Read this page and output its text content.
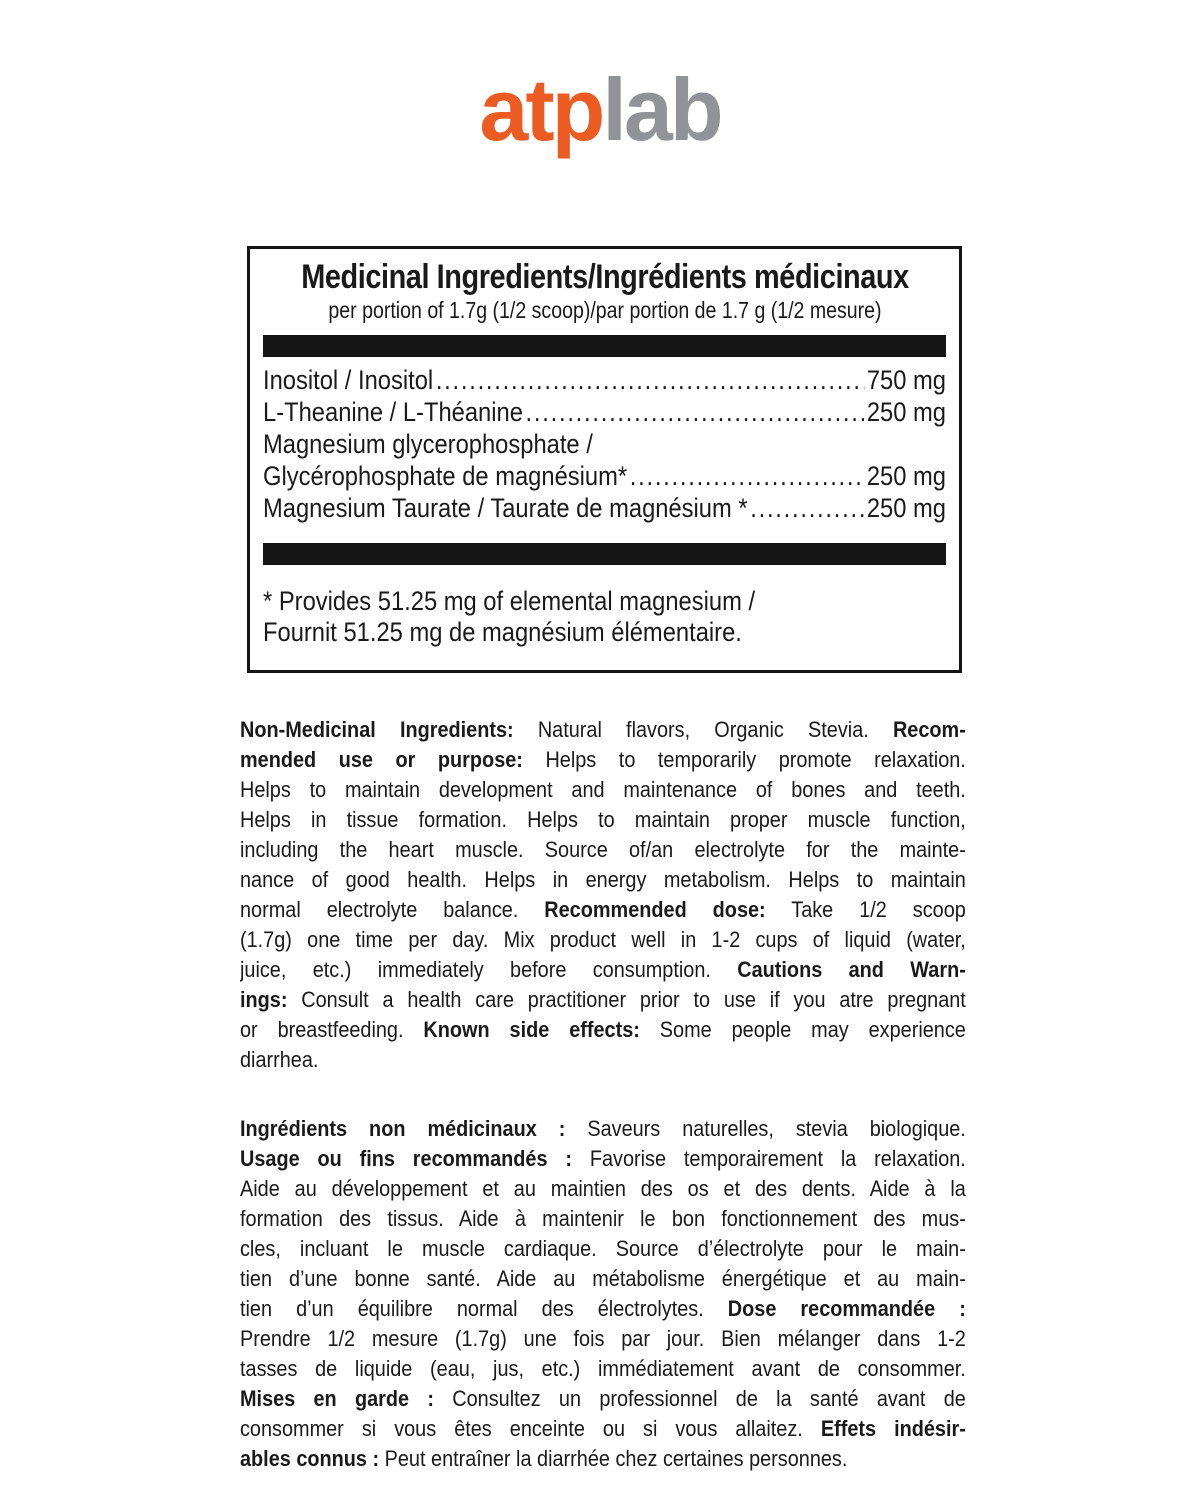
atplab
Medicinal Ingredients/Ingrédients médicinaux
per portion of 1.7g (1/2 scoop)/par portion de 1.7 g (1/2 mesure)
Inositol / Inositol .....	750 mg
L-Theanine / L-Théanine .....	250 mg
Magnesium glycerophosphate /
Glycérophosphate de magnésium* .....	250 mg
Magnesium Taurate / Taurate de magnésium * .....	250 mg
* Provides 51.25 mg of elemental magnesium /
Fournit 51.25 mg de magnésium élémentaire.
Non-Medicinal Ingredients: Natural flavors, Organic Stevia. Recom-
mended use or purpose: Helps to temporarily promote relaxation.
Helps to maintain development and maintenance of bones and teeth.
Helps in tissue formation. Helps to maintain proper muscle function,
including the heart muscle. Source of/an electrolyte for the mainte-
nance of good health. Helps in energy metabolism. Helps to maintain
normal electrolyte balance. Recommended dose: Take 1/2 scoop
(1.7g) one time per day. Mix product well in 1-2 cups of liquid (water,
juice, etc.) immediately before consumption. Cautions and Warn-
ings: Consult a health care practitioner prior to use if you atre pregnant
or breastfeeding. Known side effects: Some people may experience
diarrhea.
Ingrédients non médicinaux : Saveurs naturelles, stevia biologique.
Usage ou fins recommandés : Favorise temporairement la relaxation.
Aide au développement et au maintien des os et des dents. Aide à la
formation des tissus. Aide à maintenir le bon fonctionnement des mus-
cles, incluant le muscle cardiaque. Source d’électrolyte pour le main-
tien d’une bonne santé. Aide au métabolisme énergétique et au main-
tien d’un équilibre normal des électrolytes. Dose recommandée :
Prendre 1/2 mesure (1.7g) une fois par jour. Bien mélanger dans 1-2
tasses de liquide (eau, jus, etc.) immédiatement avant de consommer.
Mises en garde : Consultez un professionnel de la santé avant de
consommer si vous êtes enceinte ou si vous allaitez. Effets indésir-
ables connus : Peut entraîner la diarrhée chez certaines personnes.
